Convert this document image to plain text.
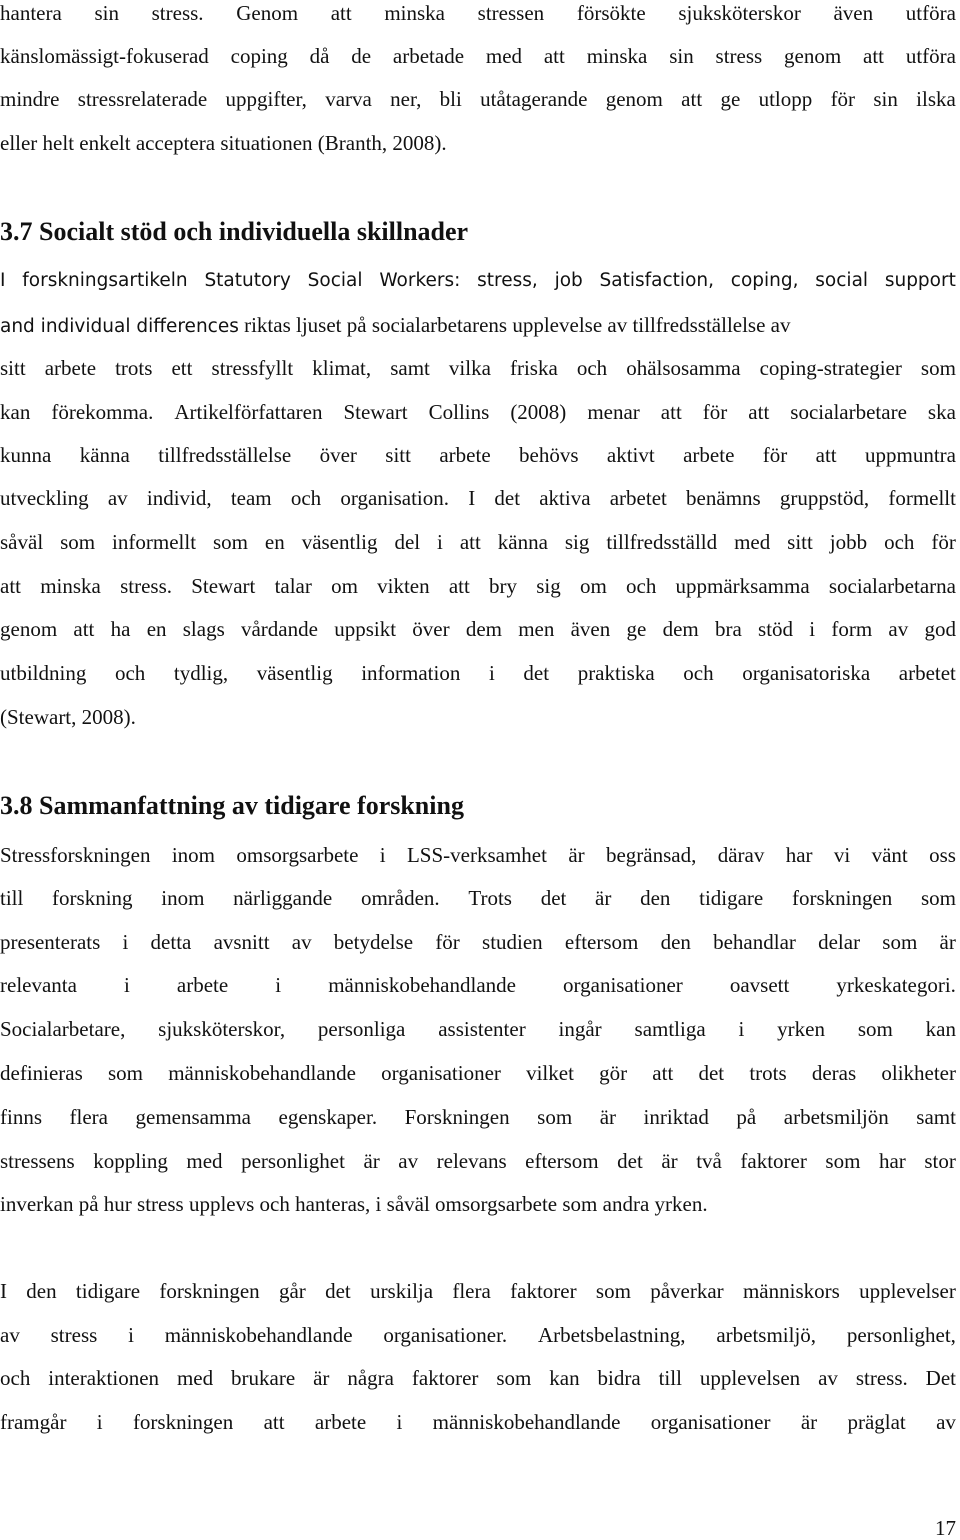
hantera sin stress. Genom att minska stressen försökte sjuksköterskor även utföra
känslomässigt-fokuserad coping då de arbetade med att minska sin stress genom att utföra
mindre stressrelaterade uppgifter, varva ner, bli utåtagerande genom att ge utlopp för sin ilska
eller helt enkelt acceptera situationen (Branth, 2008).
3.7 Socialt stöd och individuella skillnader
I forskningsartikeln Statutory Social Workers: stress, job Satisfaction, coping, social support
and individual differences riktas ljuset på socialarbetarens upplevelse av tillfredsställelse av
sitt arbete trots ett stressfyllt klimat, samt vilka friska och ohälsosamma coping-strategier som
kan förekomma. Artikelförfattaren Stewart Collins (2008) menar att för att socialarbetare ska
kunna känna tillfredsställelse över sitt arbete behövs aktivt arbete för att uppmuntra
utveckling av individ, team och organisation. I det aktiva arbetet benämns gruppstöd, formellt
såväl som informellt som en väsentlig del i att känna sig tillfredsställd med sitt jobb och för
att minska stress. Stewart talar om vikten att bry sig om och uppmärksamma socialarbetarna
genom att ha en slags vårdande uppsikt över dem men även ge dem bra stöd i form av god
utbildning och tydlig, väsentlig information i det praktiska och organisatoriska arbetet
(Stewart, 2008).
3.8 Sammanfattning av tidigare forskning
Stressforskningen inom omsorgsarbete i LSS-verksamhet är begränsad, därav har vi vänt oss
till forskning inom närliggande områden. Trots det är den tidigare forskningen som
presenterats i detta avsnitt av betydelse för studien eftersom den behandlar delar som är
relevanta i arbete i människobehandlande organisationer oavsett yrkeskategori.
Socialarbetare, sjuksköterskor, personliga assistenter ingår samtliga i yrken som kan
definieras som människobehandlande organisationer vilket gör att det trots deras olikheter
finns flera gemensamma egenskaper. Forskningen som är inriktad på arbetsmiljön samt
stressens koppling med personlighet är av relevans eftersom det är två faktorer som har stor
inverkan på hur stress upplevs och hanteras, i såväl omsorgsarbete som andra yrken.
I den tidigare forskningen går det urskilja flera faktorer som påverkar människors upplevelser
av stress i människobehandlande organisationer. Arbetsbelastning, arbetsmiljö, personlighet,
och interaktionen med brukare är några faktorer som kan bidra till upplevelsen av stress. Det
framgår i forskningen att arbete i människobehandlande organisationer är präglat av
17
